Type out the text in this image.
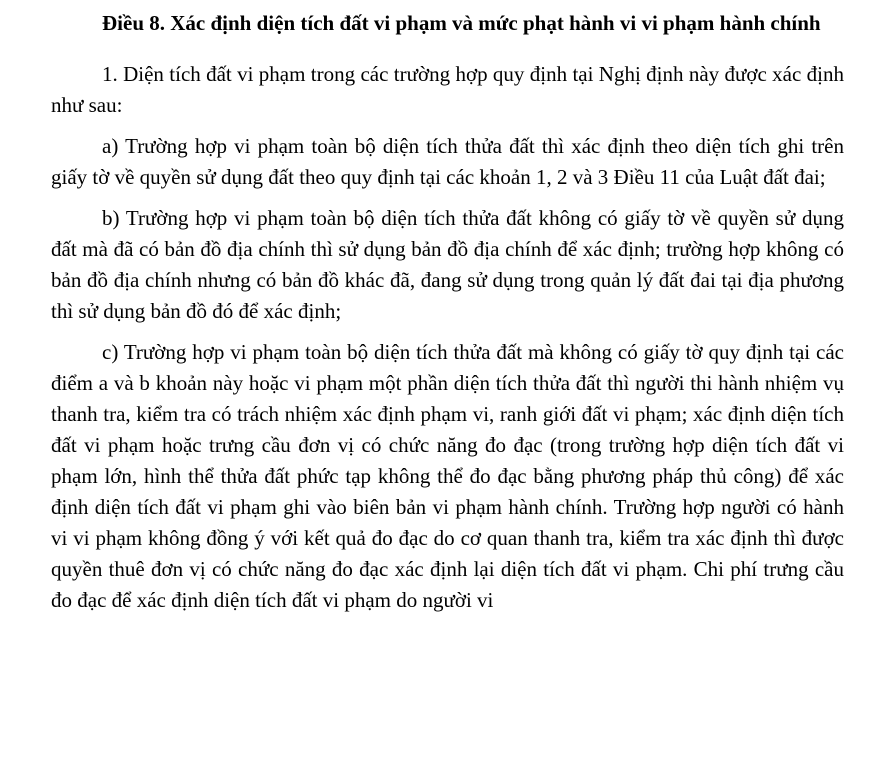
Điều 8. Xác định diện tích đất vi phạm và mức phạt hành vi vi phạm hành chính

1. Diện tích đất vi phạm trong các trường hợp quy định tại Nghị định này được xác định như sau:

a) Trường hợp vi phạm toàn bộ diện tích thửa đất thì xác định theo diện tích ghi trên giấy tờ về quyền sử dụng đất theo quy định tại các khoản 1, 2 và 3 Điều 11 của Luật đất đai;

b) Trường hợp vi phạm toàn bộ diện tích thửa đất không có giấy tờ về quyền sử dụng đất mà đã có bản đồ địa chính thì sử dụng bản đồ địa chính để xác định; trường hợp không có bản đồ địa chính nhưng có bản đồ khác đã, đang sử dụng trong quản lý đất đai tại địa phương thì sử dụng bản đồ đó để xác định;

c) Trường hợp vi phạm toàn bộ diện tích thửa đất mà không có giấy tờ quy định tại các điểm a và b khoản này hoặc vi phạm một phần diện tích thửa đất thì người thi hành nhiệm vụ thanh tra, kiểm tra có trách nhiệm xác định phạm vi, ranh giới đất vi phạm; xác định diện tích đất vi phạm hoặc trưng cầu đơn vị có chức năng đo đạc (trong trường hợp diện tích đất vi phạm lớn, hình thể thửa đất phức tạp không thể đo đạc bằng phương pháp thủ công) để xác định diện tích đất vi phạm ghi vào biên bản vi phạm hành chính. Trường hợp người có hành vi vi phạm không đồng ý với kết quả đo đạc do cơ quan thanh tra, kiểm tra xác định thì được quyền thuê đơn vị có chức năng đo đạc xác định lại diện tích đất vi phạm. Chi phí trưng cầu đo đạc để xác định diện tích đất vi phạm do người vi
